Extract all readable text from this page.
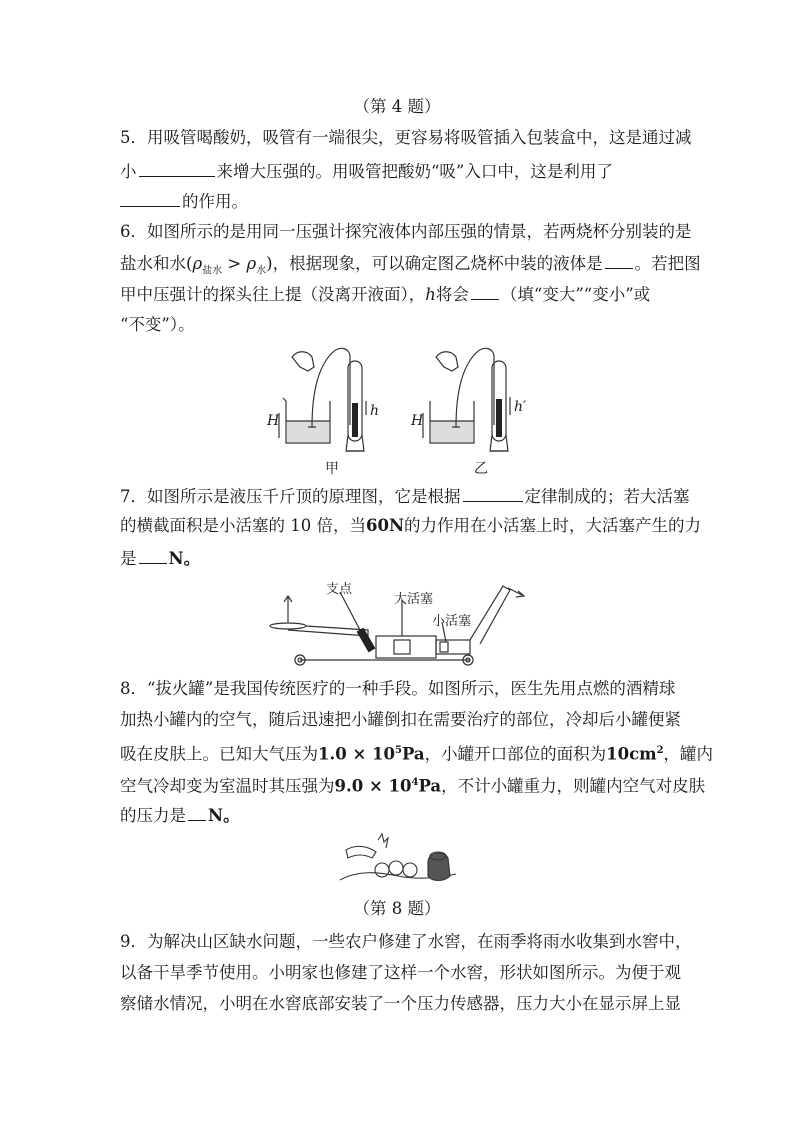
（第 4 题）
5．用吸管喝酸奶，吸管有一端很尖，更容易将吸管插入包装盒中，这是通过减
小	来增大压强的。用吸管把酸奶“吸”入口中，这是利用了
的作用。
6．如图所示的是用同一压强计探究液体内部压强的情景，若两烧杯分别装的是
盐水和水$(\rho_{盐水} > \rho_水)$，根据现象，可以确定图乙烧杯中装的液体是 。若把图
甲中压强计的探头往上提（没离开液面），h将会 （填“变大”“变小”或
“不变”）。
H
h
H
h′
甲	乙
7．如图所示是液压千斤顶的原理图，它是根据	定律制成的；若大活塞
的横截面积是小活塞的 10 倍，当60N的力作用在小活塞上时，大活塞产生的力
是 N。
支点
大活塞
小活塞
8．“拔火罐”是我国传统医疗的一种手段。如图所示，医生先用点燃的酒精球
加热小罐内的空气，随后迅速把小罐倒扣在需要治疗的部位，冷却后小罐便紧
吸在皮肤上。已知大气压为$1.0 \times 10^5Pa$，小罐开口部位的面积为$10cm^2$，罐内
空气冷却变为室温时其压强为$9.0 \times 10^4Pa$，不计小罐重力，则罐内空气对皮肤
的压力是 N。
（第 8 题）
9．为解决山区缺水问题，一些农户修建了水窖，在雨季将雨水收集到水窖中，
以备干旱季节使用。小明家也修建了这样一个水窖，形状如图所示。为便于观
察储水情况，小明在水窖底部安装了一个压力传感器，压力大小在显示屏上显
